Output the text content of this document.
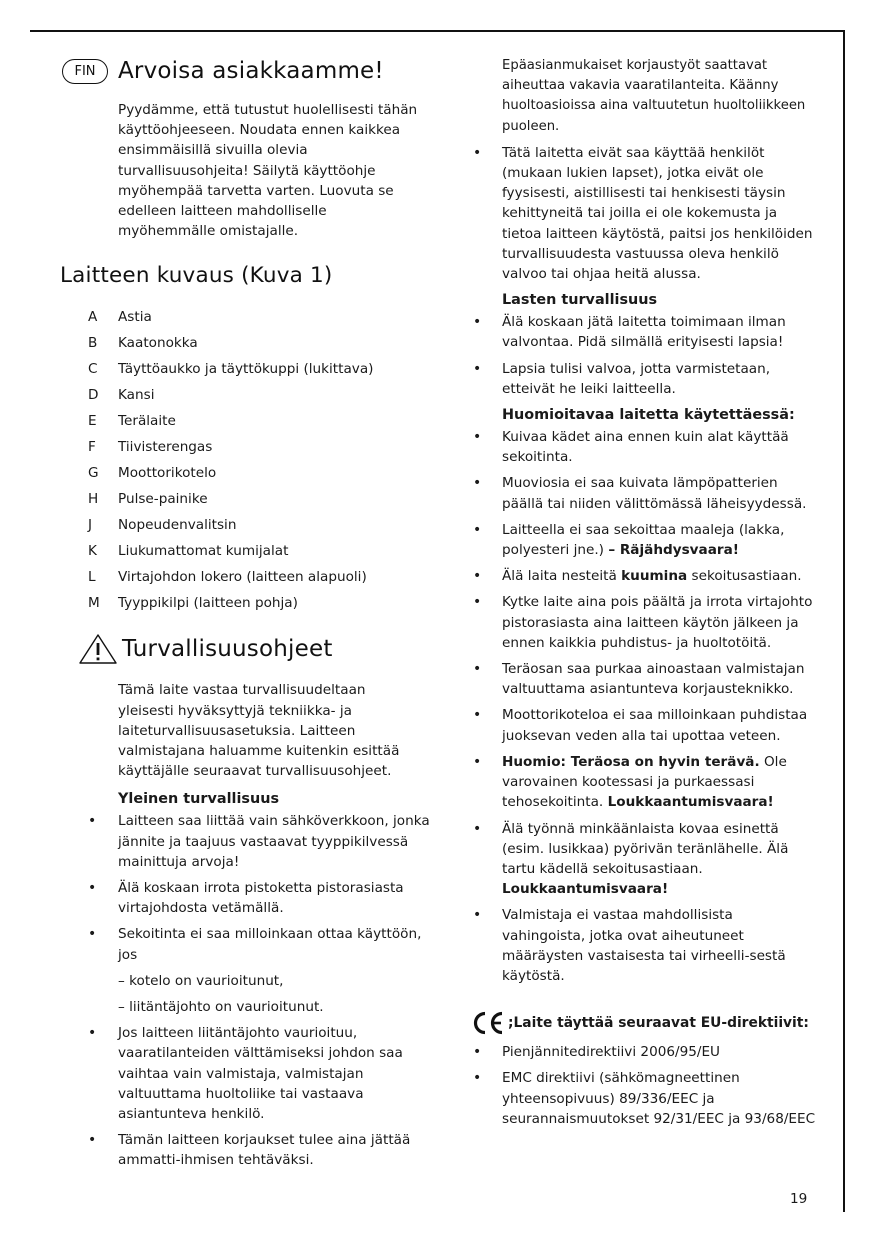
FIN Arvoisa asiakkaamme!

Pyydämme, että tutustut huolellisesti tähän käyttöohjeeseen. Noudata ennen kaikkea ensimmäisillä sivuilla olevia turvallisuusohjeita! Säilytä käyttöohje myöhempää tarvetta varten. Luovuta se edelleen laitteen mahdolliselle myöhemmälle omistajalle.

Laitteen kuvaus (Kuva 1)
A	Astia
B	Kaatonokka
C	Täyttöaukko ja täyttökuppi (lukittava)
D	Kansi
E	Terälaite
F	Tiivisterengas
G	Moottorikotelo
H	Pulse-painike
J	Nopeudenvalitsin
K	Liukumattomat kumijalat
L	Virtajohdon lokero (laitteen alapuoli)
M	Tyyppikilpi (laitteen pohja)
Turvallisuusohjeet

Tämä laite vastaa turvallisuudeltaan yleisesti hyväksyttyjä tekniikka- ja laiteturvallisuusasetuksia. Laitteen valmistajana haluamme kuitenkin esittää käyttäjälle seuraavat turvallisuusohjeet.

Yleinen turvallisuus
• Laitteen saa liittää vain sähköverkkoon, jonka jännite ja taajuus vastaavat tyyppikilvessä mainittuja arvoja!
• Älä koskaan irrota pistoketta pistorasiasta virtajohdosta vetämällä.
• Sekoitinta ei saa milloinkaan ottaa käyttöön, jos
– kotelo on vaurioitunut,
– liitäntäjohto on vaurioitunut.
• Jos laitteen liitäntäjohto vaurioituu, vaaratilanteiden välttämiseksi johdon saa vaihtaa vain valmistaja, valmistajan valtuuttama huoltoliike tai vastaava asiantunteva henkilö.
• Tämän laitteen korjaukset tulee aina jättää ammatti-ihmisen tehtäväksi.

Epäasianmukaiset korjaustyöt saattavat aiheuttaa vakavia vaaratilanteita. Käänny huoltoasioissa aina valtuutetun huoltoliikkeen puoleen.

• Tätä laitetta eivät saa käyttää henkilöt (mukaan lukien lapset), jotka eivät ole fyysisesti, aistillisesti tai henkisesti täysin kehittyneitä tai joilla ei ole kokemusta ja tietoa laitteen käytöstä, paitsi jos henkilöiden turvallisuudesta vastuussa oleva henkilö valvoo tai ohjaa heitä alussa.
Lasten turvallisuus
• Älä koskaan jätä laitetta toimimaan ilman valvontaa. Pidä silmällä erityisesti lapsia!
• Lapsia tulisi valvoa, jotta varmistetaan, etteivät he leiki laitteella.
Huomioitavaa laitetta käytettäessä:
• Kuivaa kädet aina ennen kuin alat käyttää sekoitinta.
• Muoviosia ei saa kuivata lämpöpatterien päällä tai niiden välittömässä läheisyydessä.
• Laitteella ei saa sekoittaa maaleja (lakka, polyesteri jne.) – Räjähdysvaara!
• Älä laita nesteitä kuumina sekoitusastiaan.
• Kytke laite aina pois päältä ja irrota virtajohto pistorasiasta aina laitteen käytön jälkeen ja ennen kaikkia puhdistus- ja huoltotöitä.
• Teräosan saa purkaa ainoastaan valmistajan valtuuttama asiantunteva korjausteknikko.
• Moottorikoteloa ei saa milloinkaan puhdistaa juoksevan veden alla tai upottaa veteen.
• Huomio: Teräosa on hyvin terävä. Ole varovainen kootessasi ja purkaessasi tehosekoitinta. Loukkaantumisvaara!
• Älä työnnä minkäänlaista kovaa esinettä (esim. lusikkaa) pyörivän teränlähelle. Älä tartu kädellä sekoitusastiaan. Loukkaantumisvaara!
• Valmistaja ei vastaa mahdollisista vahingoista, jotka ovat aiheutuneet määräysten vastaisesta tai virheelli-sestä käytöstä.
;Laite täyttää seuraavat EU-direktiivit:
• Pienjännitedirektiivi 2006/95/EU
• EMC direktiivi (sähkömagneettinen yhteensopivuus) 89/336/EEC ja seurannaismuutokset 92/31/EEC ja 93/68/EEC
19
